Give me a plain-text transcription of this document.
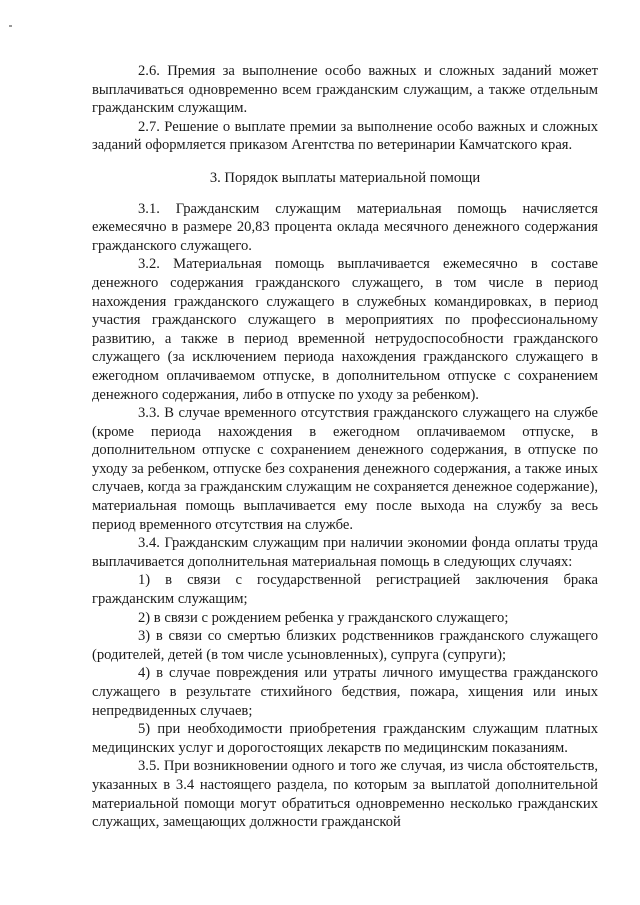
2.6. Премия за выполнение особо важных и сложных заданий может выплачиваться одновременно всем гражданским служащим, а также отдельным гражданским служащим.

2.7. Решение о выплате премии за выполнение особо важных и сложных заданий оформляется приказом Агентства по ветеринарии Камчатского края.

3. Порядок выплаты материальной помощи

3.1. Гражданским служащим материальная помощь начисляется ежемесячно в размере 20,83 процента оклада месячного денежного содержания гражданского служащего.

3.2. Материальная помощь выплачивается ежемесячно в составе денежного содержания гражданского служащего, в том числе в период нахождения гражданского служащего в служебных командировках, в период участия гражданского служащего в мероприятиях по профессиональному развитию, а также в период временной нетрудоспособности гражданского служащего (за исключением периода нахождения гражданского служащего в ежегодном оплачиваемом отпуске, в дополнительном отпуске с сохранением денежного содержания, либо в отпуске по уходу за ребенком).

3.3. В случае временного отсутствия гражданского служащего на службе (кроме периода нахождения в ежегодном оплачиваемом отпуске, в дополнительном отпуске с сохранением денежного содержания, в отпуске по уходу за ребенком, отпуске без сохранения денежного содержания, а также иных случаев, когда за гражданским служащим не сохраняется денежное содержание), материальная помощь выплачивается ему после выхода на службу за весь период временного отсутствия на службе.

3.4. Гражданским служащим при наличии экономии фонда оплаты труда выплачивается дополнительная материальная помощь в следующих случаях:

1) в связи с государственной регистрацией заключения брака гражданским служащим;

2) в связи с рождением ребенка у гражданского служащего;

3) в связи со смертью близких родственников гражданского служащего (родителей, детей (в том числе усыновленных), супруга (супруги);

4) в случае повреждения или утраты личного имущества гражданского служащего в результате стихийного бедствия, пожара, хищения или иных непредвиденных случаев;

5) при необходимости приобретения гражданским служащим платных медицинских услуг и дорогостоящих лекарств по медицинским показаниям.

3.5. При возникновении одного и того же случая, из числа обстоятельств, указанных в 3.4 настоящего раздела, по которым за выплатой дополнительной материальной помощи могут обратиться одновременно несколько гражданских служащих, замещающих должности гражданской
